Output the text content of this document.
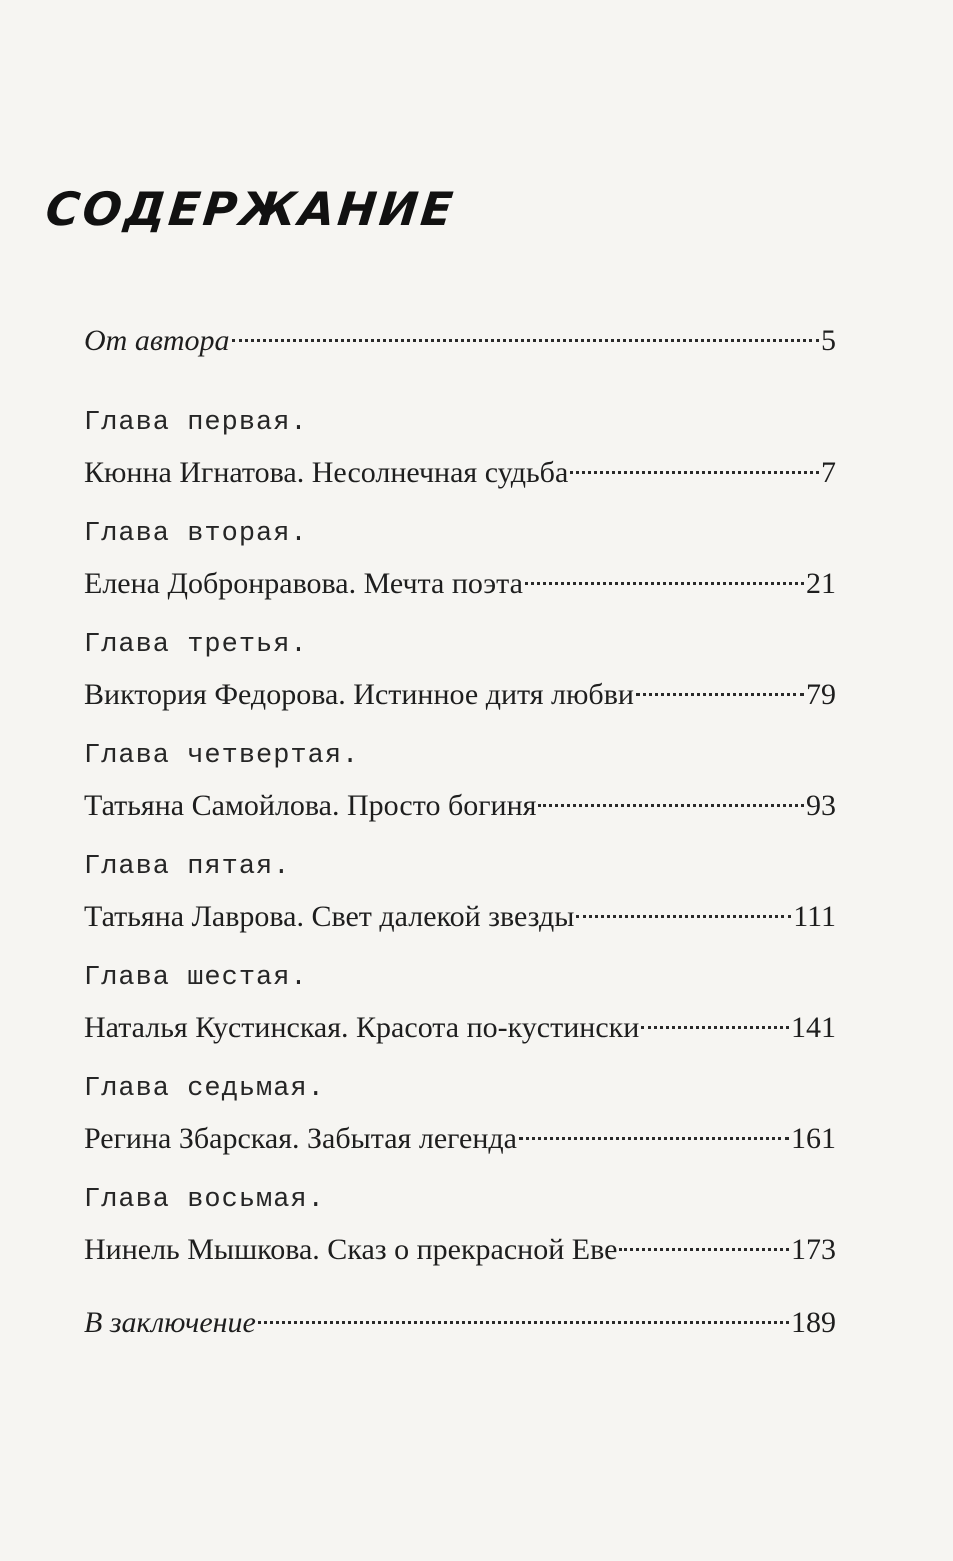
СОДЕРЖАНИЕ
От автора	5
Глава первая.
Кюнна Игнатова. Несолнечная судьба	7
Глава вторая.
Елена Добронравова. Мечта поэта	21
Глава третья.
Виктория Федорова. Истинное дитя любви	79
Глава четвертая.
Татьяна Самойлова. Просто богиня	93
Глава пятая.
Татьяна Лаврова. Свет далекой звезды	111
Глава шестая.
Наталья Кустинская. Красота по-кустински	141
Глава седьмая.
Регина Збарская. Забытая легенда	161
Глава восьмая.
Нинель Мышкова. Сказ о прекрасной Еве	173
В заключение	189
